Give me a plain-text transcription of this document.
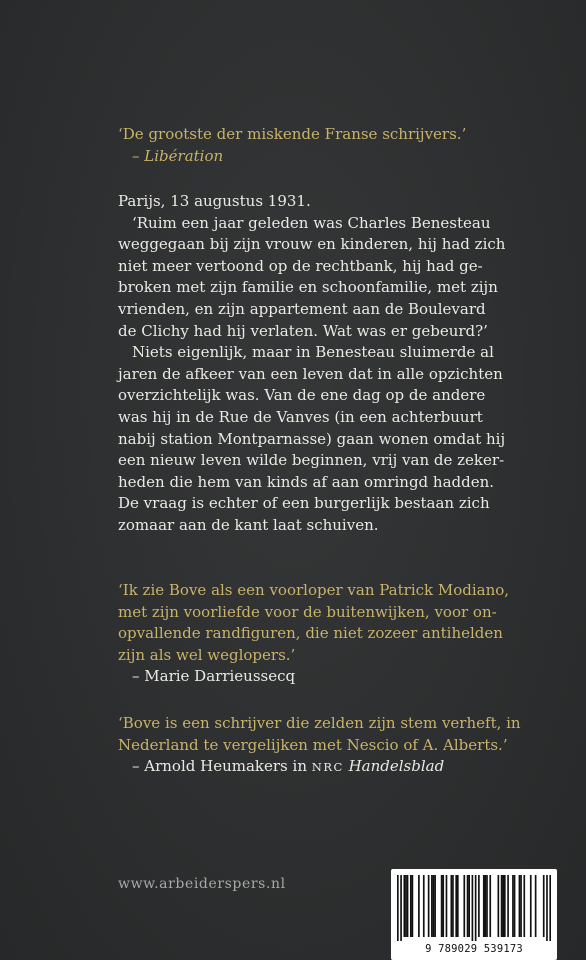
‘De grootste der miskende Franse schrijvers.’

– Libération

Parijs, 13 augustus 1931.

‘Ruim een jaar geleden was Charles Benesteau

weggegaan bij zijn vrouw en kinderen, hij had zich

niet meer vertoond op de rechtbank, hij had ge-

broken met zijn familie en schoonfamilie, met zijn

vrienden, en zijn appartement aan de Boulevard

de Clichy had hij verlaten. Wat was er gebeurd?’

Niets eigenlijk, maar in Benesteau sluimerde al

jaren de afkeer van een leven dat in alle opzichten

overzichtelijk was. Van de ene dag op de andere

was hij in de Rue de Vanves (in een achterbuurt

nabij station Montparnasse) gaan wonen omdat hij

een nieuw leven wilde beginnen, vrij van de zeker-

heden die hem van kinds af aan omringd hadden.

De vraag is echter of een burgerlijk bestaan zich

zomaar aan de kant laat schuiven.

‘Ik zie Bove als een voorloper van Patrick Modiano,

met zijn voorliefde voor de buitenwijken, voor on-

opvallende randfiguren, die niet zozeer antihelden

zijn als wel weglopers.’

– Marie Darrieussecq

‘Bove is een schrijver die zelden zijn stem verheft, in

Nederland te vergelijken met Nescio of A. Alberts.’

– Arnold Heumakers in NRC Handelsblad

www.arbeiderspers.nl
9 789029 539173
